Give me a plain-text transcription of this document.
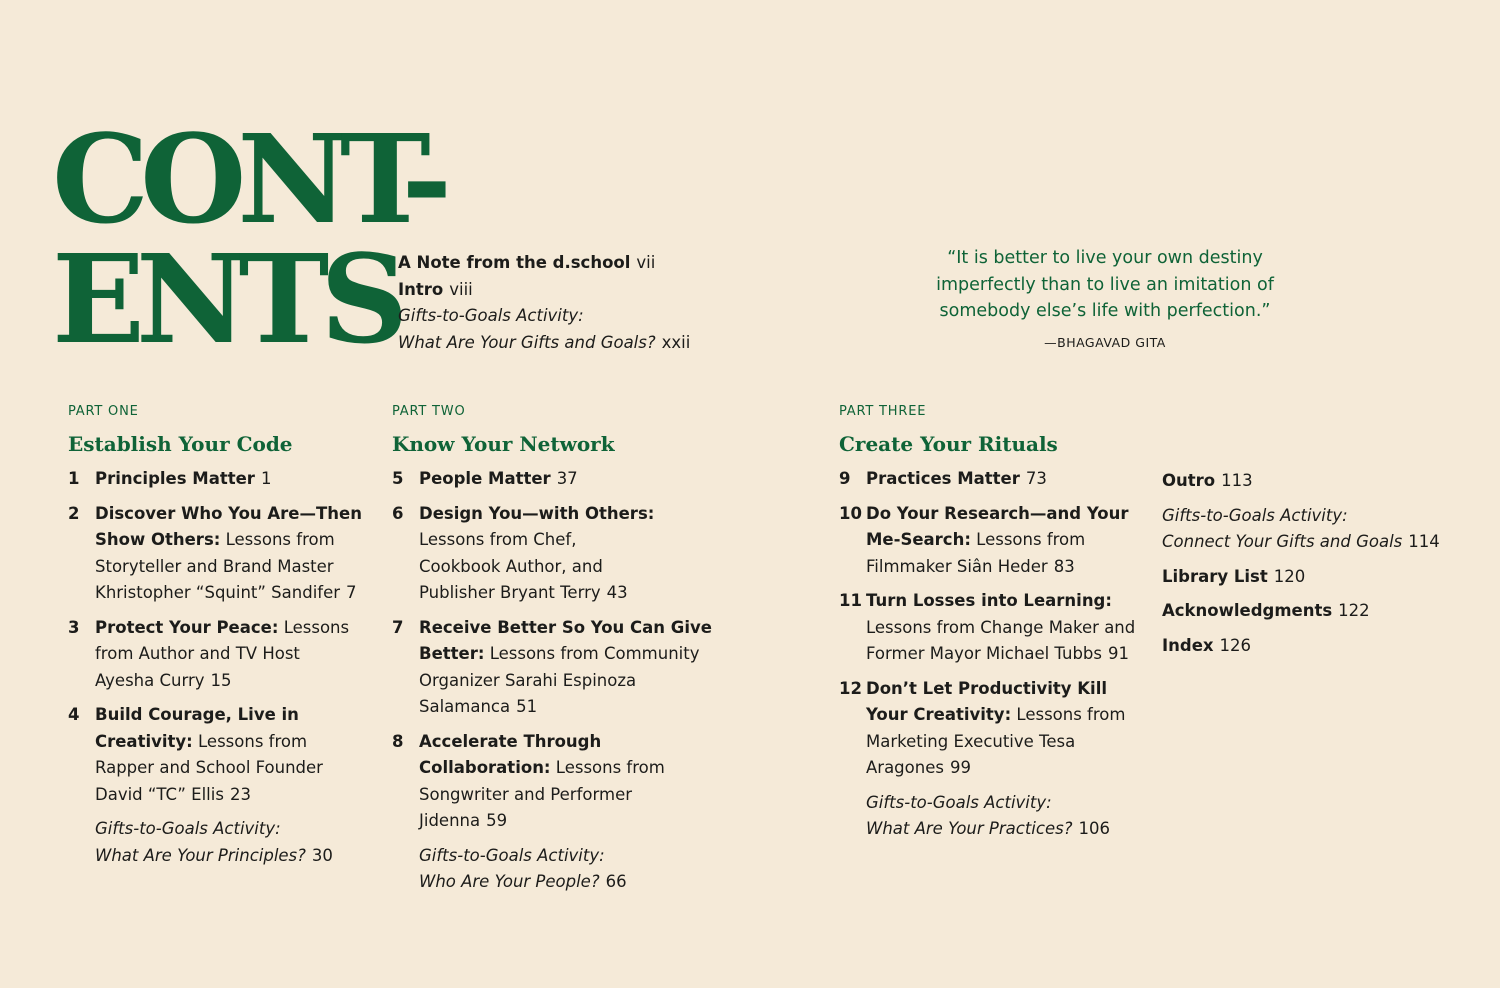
CONT-
ENTS
A Note from the d.school vii
Intro viii
Gifts-to-Goals Activity:
What Are Your Gifts and Goals? xxii
“It is better to live your own destiny
imperfectly than to live an imitation of
somebody else’s life with perfection.”
—BHAGAVAD GITA
PART ONE
Establish Your Code
1 Principles Matter 1
2 Discover Who You Are—Then
Show Others: Lessons from
Storyteller and Brand Master
Khristopher “Squint” Sandifer 7
3 Protect Your Peace: Lessons
from Author and TV Host
Ayesha Curry 15
4 Build Courage, Live in
Creativity: Lessons from
Rapper and School Founder
David “TC” Ellis 23
Gifts-to-Goals Activity:
What Are Your Principles? 30
PART TWO
Know Your Network
5 People Matter 37
6 Design You—with Others:
Lessons from Chef,
Cookbook Author, and
Publisher Bryant Terry 43
7 Receive Better So You Can Give
Better: Lessons from Community
Organizer Sarahi Espinoza
Salamanca 51
8 Accelerate Through
Collaboration: Lessons from
Songwriter and Performer
Jidenna 59
Gifts-to-Goals Activity:
Who Are Your People? 66
PART THREE
Create Your Rituals
9 Practices Matter 73
10 Do Your Research—and Your
Me-Search: Lessons from
Filmmaker Siân Heder 83
11 Turn Losses into Learning:
Lessons from Change Maker and
Former Mayor Michael Tubbs 91
12 Don’t Let Productivity Kill
Your Creativity: Lessons from
Marketing Executive Tesa
Aragones 99
Gifts-to-Goals Activity:
What Are Your Practices? 106
Outro 113
Gifts-to-Goals Activity:
Connect Your Gifts and Goals 114
Library List 120
Acknowledgments 122
Index 126
